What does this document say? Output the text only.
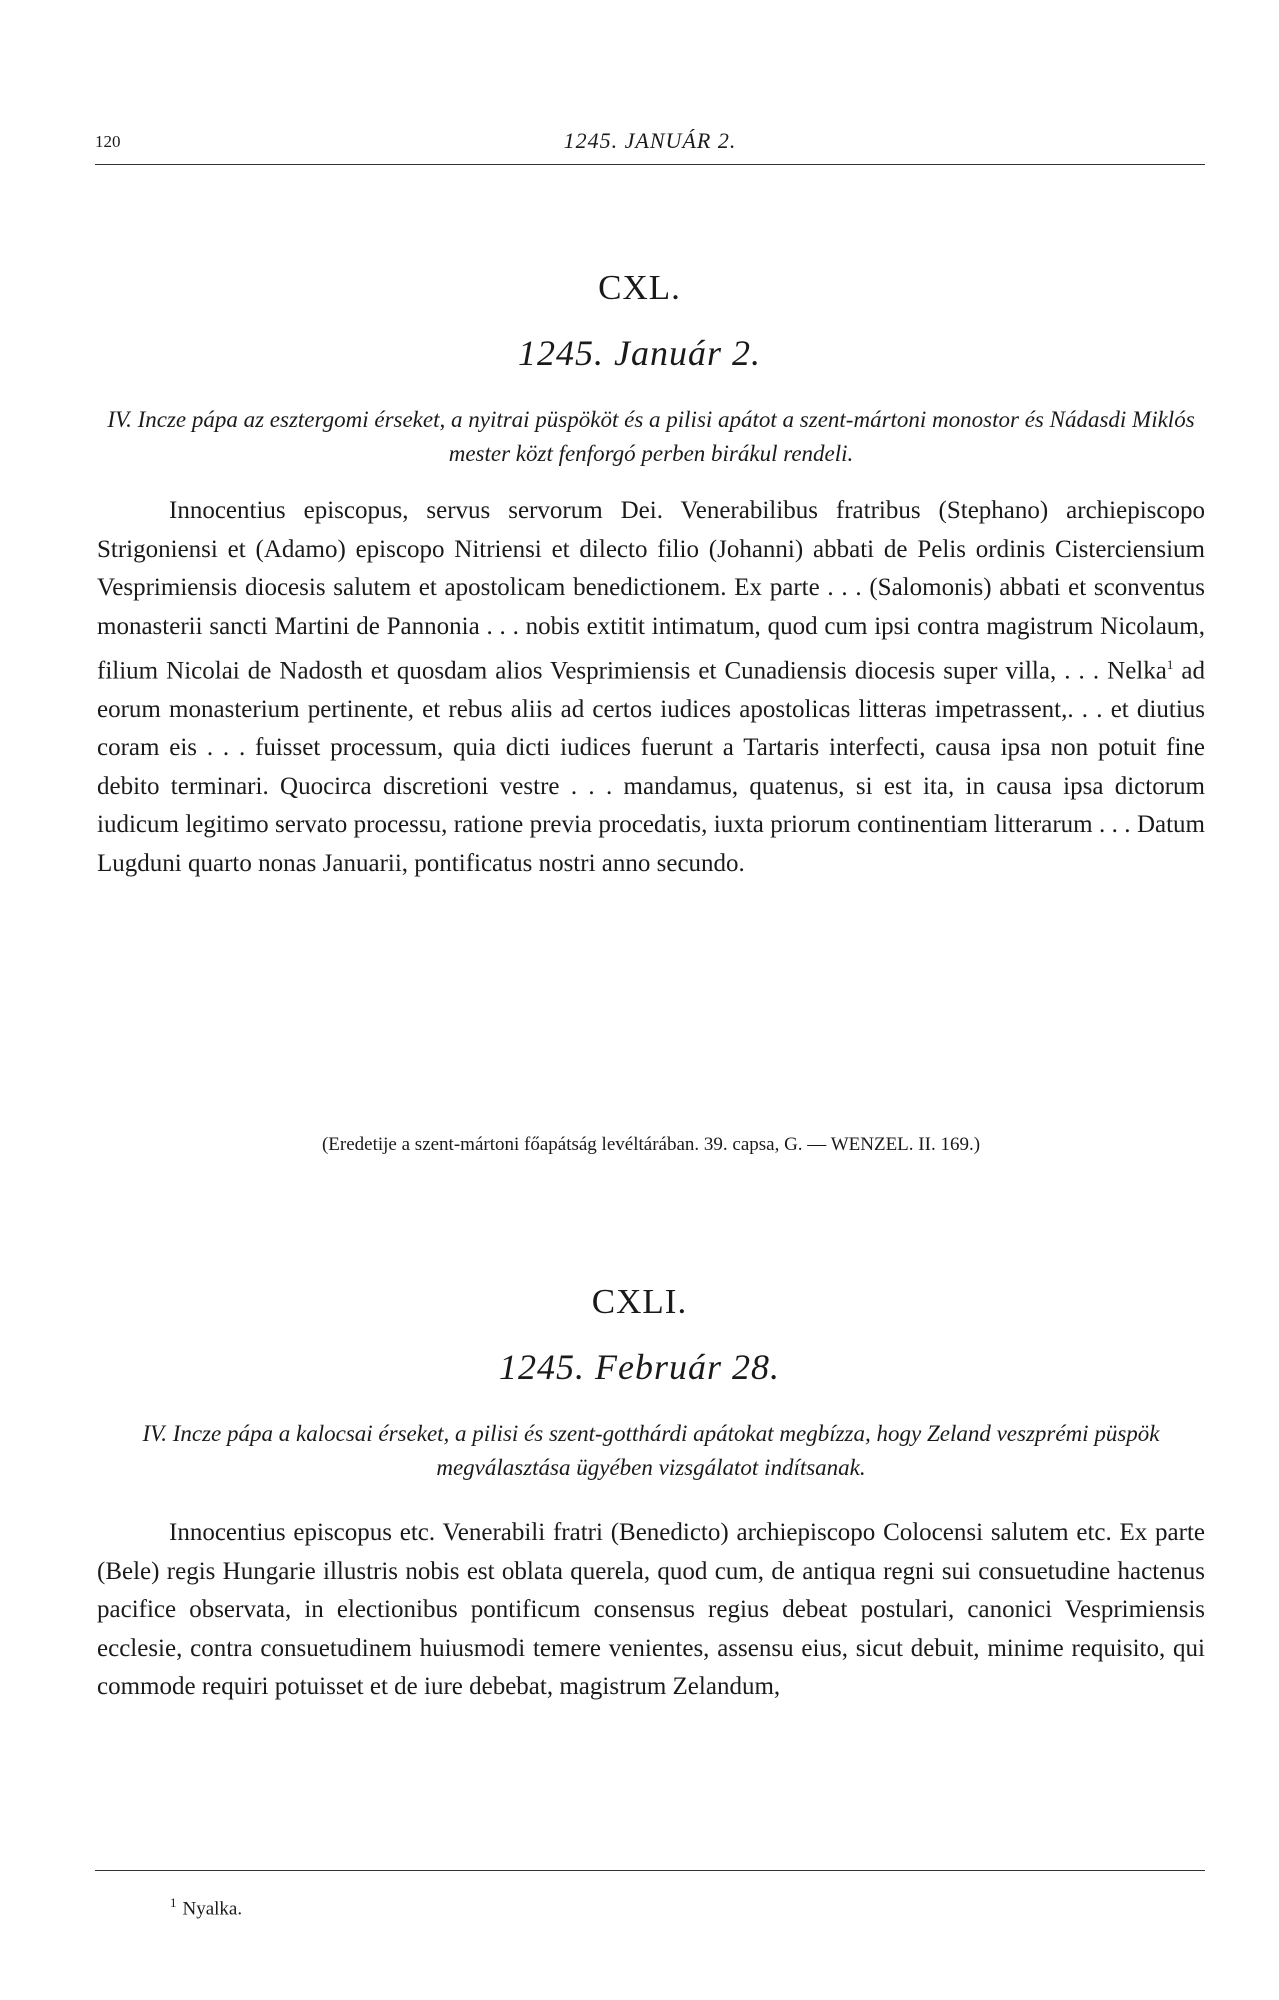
120	1245. JANUÁR 2.
CXL.
1245. Január 2.
IV. Incze pápa az esztergomi érseket, a nyitrai püspököt és a pilisi apátot a szent-mártoni monostor és Nádasdi Miklós mester közt fenforgó perben birákul rendeli.

Innocentius episcopus, servus servorum Dei. Venerabilibus fratribus (Stephano) archiepiscopo Strigoniensi et (Adamo) episcopo Nitriensi et dilecto filio (Johanni) abbati de Pelis ordinis Cisterciensium Vesprimiensis diocesis salutem et apostolicam benedictionem. Ex parte . . . (Salomonis) abbati et sconventus monasterii sancti Martini de Pannonia . . . nobis extitit intimatum, quod cum ipsi contra magistrum Nicolaum, filium Nicolai de Nadosth et quosdam alios Vesprimiensis et Cunadiensis diocesis super villa, . . . Nelka$^1$ ad eorum monasterium pertinente, et rebus aliis ad certos iudices apostolicas litteras impetrassent,. . . et diutius coram eis . . . fuisset processum, quia dicti iudices fuerunt a Tartaris interfecti, causa ipsa non potuit fine debito terminari. Quocirca discretioni vestre . . . mandamus, quatenus, si est ita, in causa ipsa dictorum iudicum legitimo servato processu, ratione previa procedatis, iuxta priorum continentiam litterarum . . . Datum Lugduni quarto nonas Januarii, pontificatus nostri anno secundo.

(Eredetije a szent-mártoni főapátság levéltárában. 39. capsa, G. — WENZEL. II. 169.)
CXLI.
1245. Február 28.
IV. Incze pápa a kalocsai érseket, a pilisi és szent-gotthárdi apátokat megbízza, hogy Zeland veszprémi püspök megválasztása ügyében vizsgálatot indítsanak.

Innocentius episcopus etc. Venerabili fratri (Benedicto) archiepiscopo Colocensi salutem etc. Ex parte (Bele) regis Hungarie illustris nobis est oblata querela, quod cum, de antiqua regni sui consuetudine hactenus pacifice observata, in electionibus pontificum consensus regius debeat postulari, canonici Vesprimiensis ecclesie, contra consuetudinem huiusmodi temere venientes, assensu eius, sicut debuit, minime requisito, qui commode requiri potuisset et de iure debebat, magistrum Zelandum,

$^1$ Nyalka.
